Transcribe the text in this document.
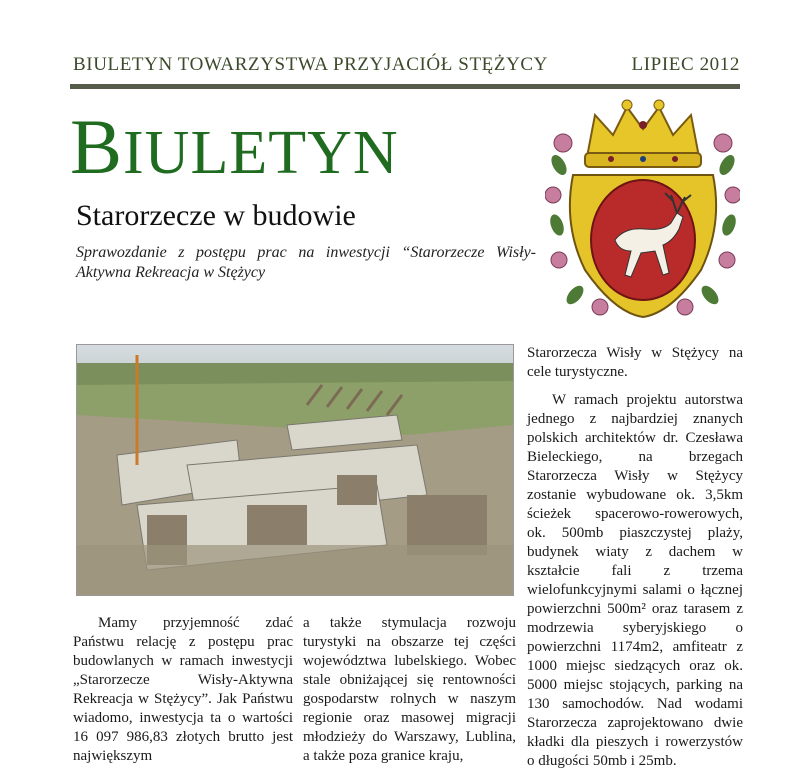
BIULETYN TOWARZYSTWA PRZYJACIÓŁ STĘŻYCY	LIPIEC 2012
BIULETYN
Starorzecze w budowie
Sprawozdanie z postępu prac na inwestycji “Starorzecze Wisły-Aktywna Rekreacja w Stężycy

Mamy przyjemność zdać Państwu relację z postępu prac budowlanych w ramach inwestycji „Starorzecze Wisły-Aktywna Rekreacja w Stężycy”. Jak Państwu wiadomo, inwestycja ta o wartości 16 097 986,83 złotych brutto jest największym

a także stymulacja rozwoju turystyki na obszarze tej części województwa lubelskiego. Wobec stale obniżającej się rentowności gospodarstw rolnych w naszym regionie oraz masowej migracji młodzieży do Warszawy, Lublina, a także poza granice kraju,

Starorzecza Wisły w Stężycy na cele turystyczne.

W ramach projektu autorstwa jednego z najbardziej znanych polskich architektów dr. Czesława Bieleckiego, na brzegach Starorzecza Wisły w Stężycy zostanie wybudowane ok. 3,5km ścieżek spacerowo-rowerowych, ok. 500mb piaszczystej plaży, budynek wiaty z dachem w kształcie fali z trzema wielofunkcyjnymi salami o łącznej powierzchni 500m² oraz tarasem z modrzewia syberyjskiego o powierzchni 1174m2, amfiteatr z 1000 miejsc siedzących oraz ok. 5000 miejsc stojących, parking na 130 samochodów. Nad wodami Starorzecza zaprojektowano dwie kładki dla pieszych i rowerzystów o długości 50mb i 25mb.
